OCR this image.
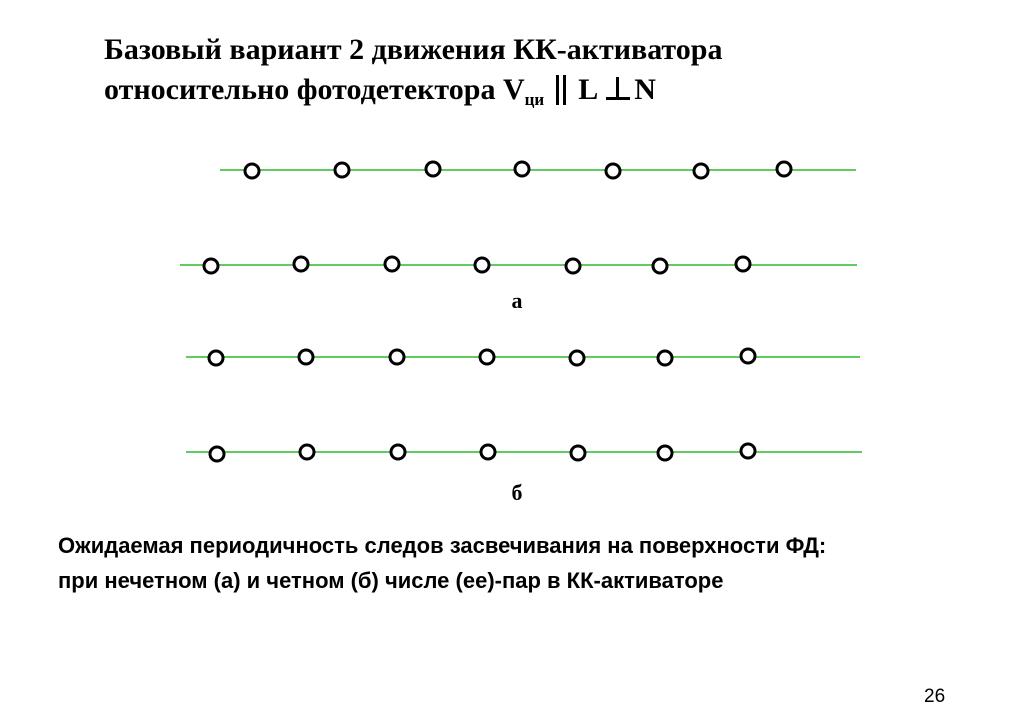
Базовый вариант 2 движения КК-активатора
относительно фотодетектора $V_{ци}$ L N
а
б
Ожидаемая периодичность следов засвечивания на поверхности ФД:
при нечетном (а) и четном (б) числе (ее)-пар в КК-активаторе
26
